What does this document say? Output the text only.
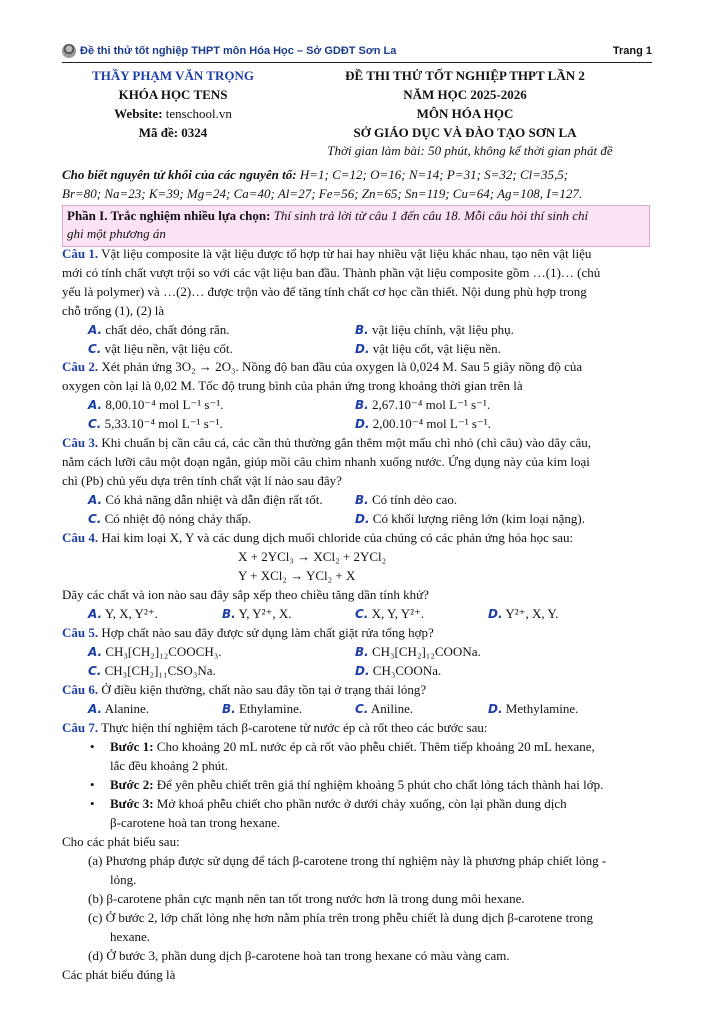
Đề thi thử tốt nghiệp THPT môn Hóa Học – Sở GDĐT Sơn La	Trang 1
THẦY PHẠM VĂN TRỌNG
KHÓA HỌC TENS
Website: tenschool.vn
Mã đề: 0324
ĐỀ THI THỬ TỐT NGHIỆP THPT LẦN 2
NĂM HỌC 2025-2026
MÔN HÓA HỌC
SỞ GIÁO DỤC VÀ ĐÀO TẠO SƠN LA
Thời gian làm bài: 50 phút, không kể thời gian phát đề
Cho biết nguyên tử khối của các nguyên tố: H=1; C=12; O=16; N=14; P=31; S=32; Cl=35,5;
Br=80; Na=23; K=39; Mg=24; Ca=40; Al=27; Fe=56; Zn=65; Sn=119; Cu=64; Ag=108, I=127.
Phần I. Trắc nghiệm nhiều lựa chọn: Thí sinh trả lời từ câu 1 đến câu 18. Mỗi câu hỏi thí sinh chỉ
ghi một phương án
Câu 1. Vật liệu composite là vật liệu được tổ hợp từ hai hay nhiều vật liệu khác nhau, tạo nên vật liệu
mới có tính chất vượt trội so với các vật liệu ban đầu. Thành phần vật liệu composite gồm …(1)… (chủ
yếu là polymer) và …(2)… được trộn vào để tăng tính chất cơ học cần thiết. Nội dung phù hợp trong
chỗ trống (1), (2) là
A. chất dẻo, chất đóng rắn.	B. vật liệu chính, vật liệu phụ.
C. vật liệu nền, vật liệu cốt.	D. vật liệu cốt, vật liệu nền.
Câu 2. Xét phản ứng 3O₂ → 2O₃. Nồng độ ban đầu của oxygen là 0,024 M. Sau 5 giây nồng độ của
oxygen còn lại là 0,02 M. Tốc độ trung bình của phản ứng trong khoảng thời gian trên là
A. 8,00.10⁻⁴ mol L⁻¹ s⁻¹.	B. 2,67.10⁻⁴ mol L⁻¹ s⁻¹.
C. 5,33.10⁻⁴ mol L⁻¹ s⁻¹.	D. 2,00.10⁻⁴ mol L⁻¹ s⁻¹.
Câu 3. Khi chuẩn bị cần câu cá, các cần thủ thường gắn thêm một mẩu chì nhỏ (chì câu) vào dây câu,
nằm cách lưỡi câu một đoạn ngắn, giúp mồi câu chìm nhanh xuống nước. Ứng dụng này của kim loại
chì (Pb) chủ yếu dựa trên tính chất vật lí nào sau đây?
A. Có khả năng dẫn nhiệt và dẫn điện rất tốt.	B. Có tính dẻo cao.
C. Có nhiệt độ nóng chảy thấp.	D. Có khối lượng riêng lớn (kim loại nặng).
Câu 4. Hai kim loại X, Y và các dung dịch muối chloride của chúng có các phản ứng hóa học sau:
X + 2YCl₃ → XCl₂ + 2YCl₂
Y + XCl₂ → YCl₂ + X
Dãy các chất và ion nào sau đây sắp xếp theo chiều tăng dần tính khử?
A. Y, X, Y²⁺.	B. Y, Y²⁺, X.	C. X, Y, Y²⁺.	D. Y²⁺, X, Y.
Câu 5. Hợp chất nào sau đây được sử dụng làm chất giặt rửa tổng hợp?
A. CH₃[CH₂]₁₂COOCH₃.	B. CH₃[CH₂]₁₂COONa.
C. CH₃[CH₂]₁₁CSO₃Na.	D. CH₃COONa.
Câu 6. Ở điều kiện thường, chất nào sau đây tồn tại ở trạng thái lỏng?
A. Alanine.	B. Ethylamine.	C. Aniline.	D. Methylamine.
Câu 7. Thực hiện thí nghiệm tách β-carotene từ nước ép cà rốt theo các bước sau:
• Bước 1: Cho khoảng 20 mL nước ép cà rốt vào phễu chiết. Thêm tiếp khoảng 20 mL hexane,
lắc đều khoảng 2 phút.
• Bước 2: Để yên phễu chiết trên giá thí nghiệm khoảng 5 phút cho chất lỏng tách thành hai lớp.
• Bước 3: Mở khoá phễu chiết cho phần nước ở dưới chảy xuống, còn lại phần dung dịch
β-carotene hoà tan trong hexane.
Cho các phát biểu sau:
(a) Phương pháp được sử dụng để tách β-carotene trong thí nghiệm này là phương pháp chiết lỏng -
lỏng.
(b) β-carotene phân cực mạnh nên tan tốt trong nước hơn là trong dung môi hexane.
(c) Ở bước 2, lớp chất lỏng nhẹ hơn nằm phía trên trong phễu chiết là dung dịch β-carotene trong
hexane.
(d) Ở bước 3, phần dung dịch β-carotene hoà tan trong hexane có màu vàng cam.
Các phát biểu đúng là
